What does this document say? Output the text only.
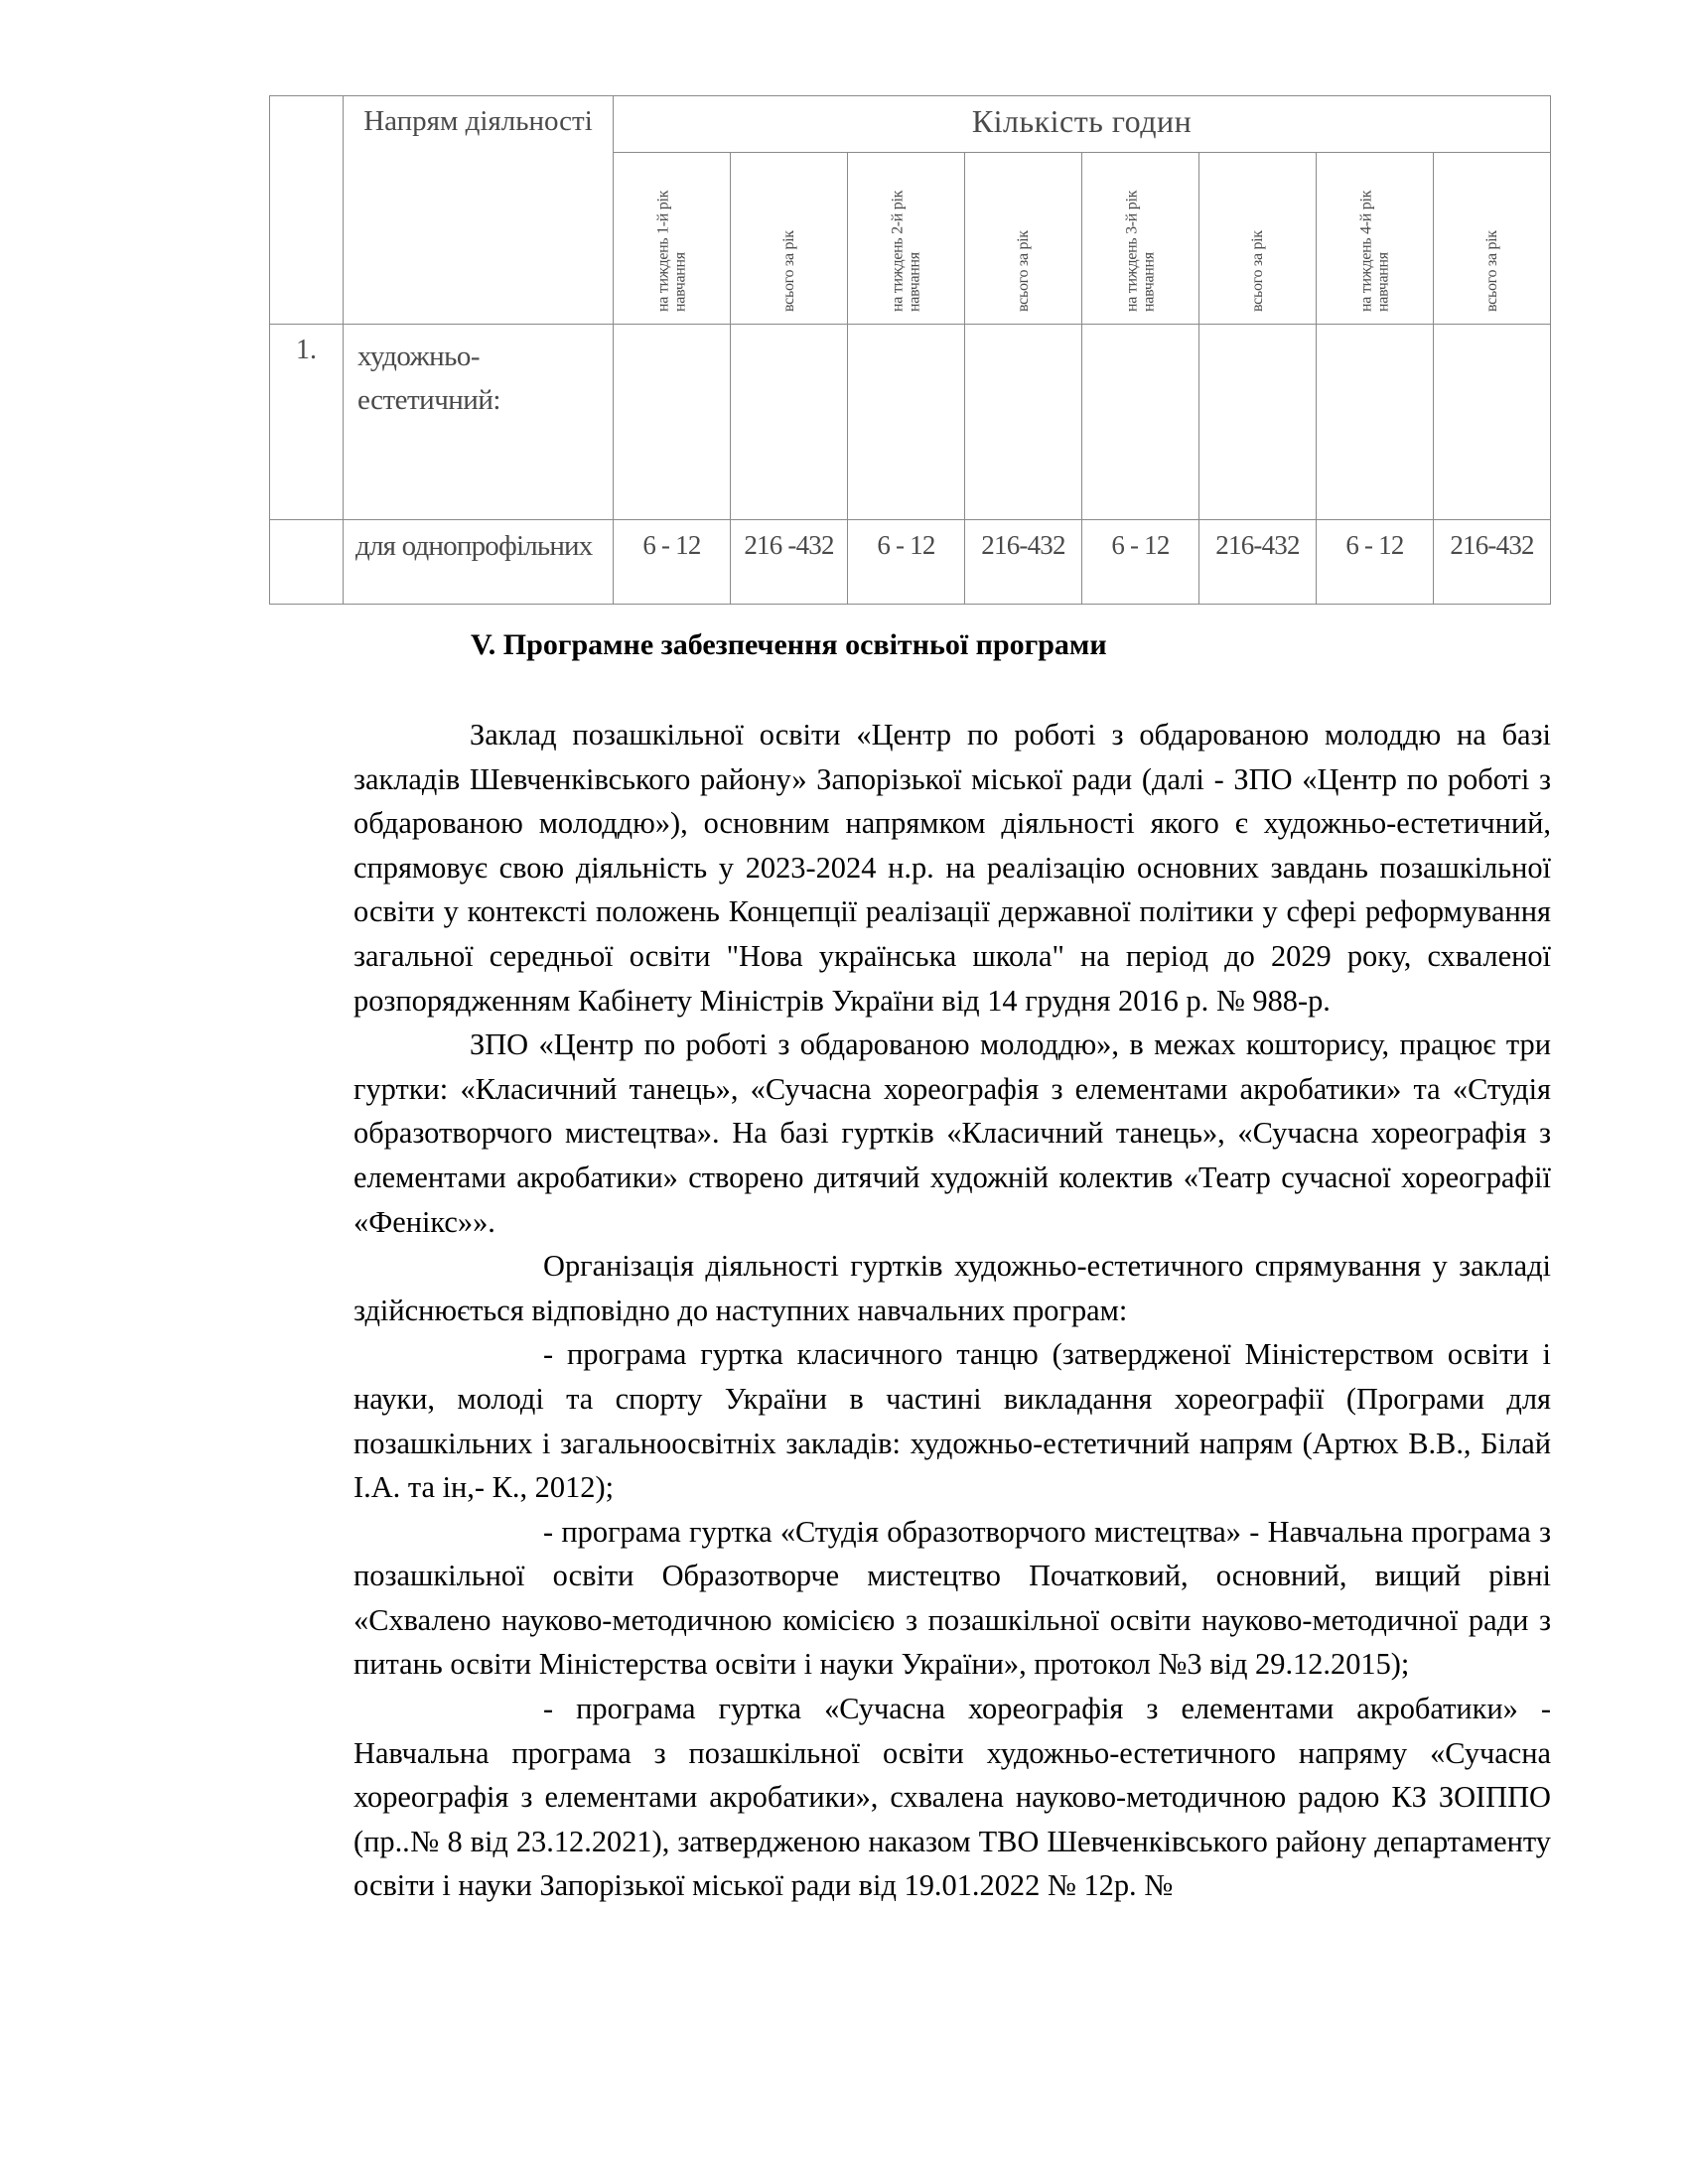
	Напрям діяльності	Кількість годин							

на тиждень 1-й рік навчання	всього за рік	на тиждень 2-й рік навчання	всього за рік	на тиждень 3-й рік навчання	всього за рік	на тиждень 4-й рік навчання	всього за рік

1.	художньо-естетичний:								
	для однопрофільних	6 - 12	216 -432	6 - 12	216-432	6 - 12	216-432	6 - 12	216-432
V. Програмне забезпечення освітньої програми

Заклад позашкільної освіти «Центр по роботі з обдарованою молоддю на базі закладів Шевченківського району» Запорізької міської ради (далі - ЗПО «Центр по роботі з обдарованою молоддю»), основним напрямком діяльності якого є художньо-естетичний, спрямовує свою діяльність у 2023-2024 н.р. на реалізацію основних завдань позашкільної освіти у контексті положень Концепції реалізації державної політики у сфері реформування загальної середньої освіти "Нова українська школа" на період до 2029 року, схваленої розпорядженням Кабінету Міністрів України від 14 грудня 2016 р. № 988-р.

ЗПО «Центр по роботі з обдарованою молоддю», в межах кошторису, працює три гуртки: «Класичний танець», «Сучасна хореографія з елементами акробатики» та «Студія образотворчого мистецтва». На базі гуртків «Класичний танець», «Сучасна хореографія з елементами акробатики» створено дитячий художній колектив «Театр сучасної хореографії «Фенікс»».

Організація діяльності гуртків художньо-естетичного спрямування у закладі здійснюється відповідно до наступних навчальних програм:

- програма гуртка класичного танцю (затвердженої Міністерством освіти і науки, молоді та спорту України в частині викладання хореографії (Програми для позашкільних і загальноосвітніх закладів: художньо-естетичний напрям (Артюх В.В., Білай І.А. та ін,- К., 2012);

- програма гуртка «Студія образотворчого мистецтва» - Навчальна програма з позашкільної освіти Образотворче мистецтво Початковий, основний, вищий рівні «Схвалено науково-методичною комісією з позашкільної освіти науково-методичної ради з питань освіти Міністерства освіти і науки України», протокол №3 від 29.12.2015);

- програма гуртка «Сучасна хореографія з елементами акробатики» - Навчальна програма з позашкільної освіти художньо-естетичного напряму «Сучасна хореографія з елементами акробатики», схвалена науково-методичною радою КЗ ЗОІППО (пр..№ 8 від 23.12.2021), затвердженою наказом ТВО Шевченківського району департаменту освіти і науки Запорізької міської ради від 19.01.2022 № 12р. №
